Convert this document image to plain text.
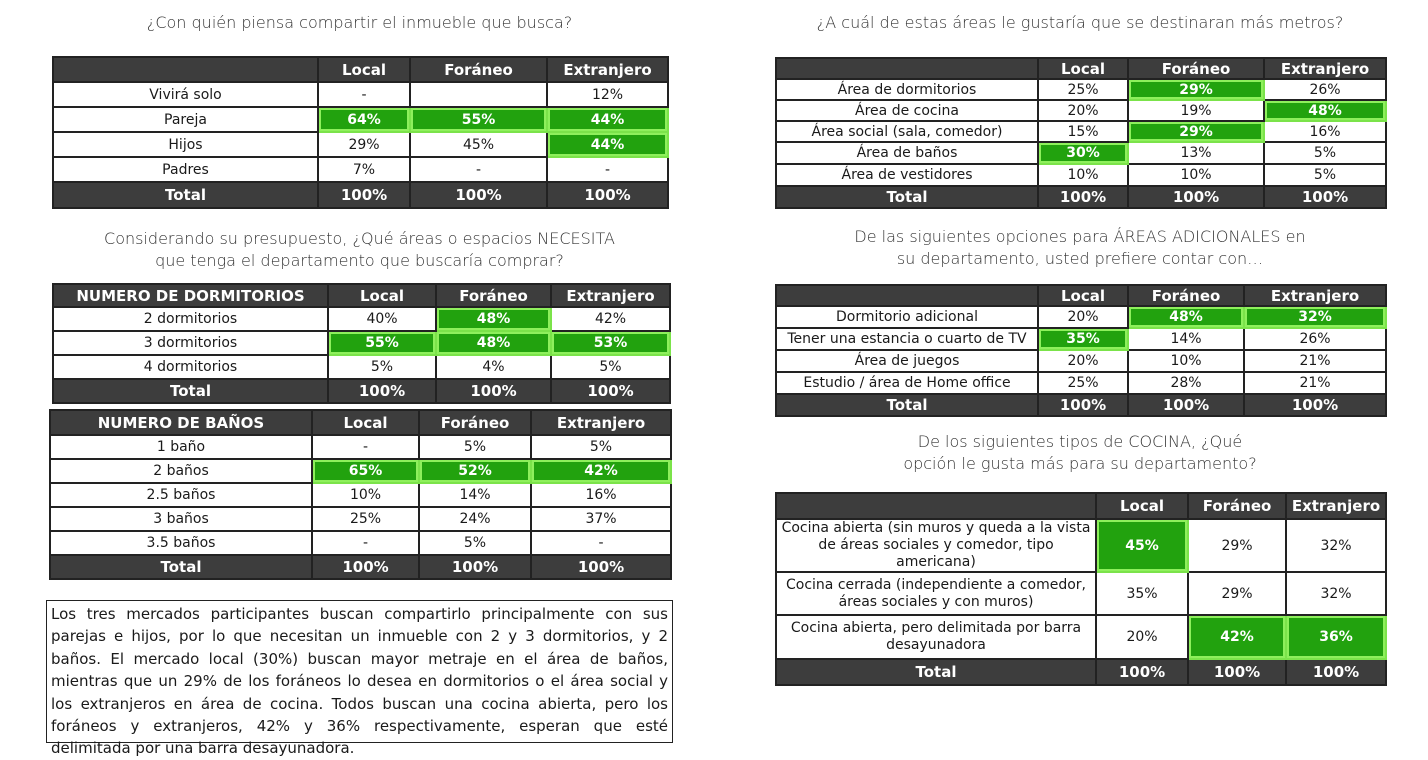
¿Con quién piensa compartir el inmueble que busca?
	Local	Foráneo	Extranjero
Vivirá solo	-		12%
Pareja	64%	55%	44%
Hijos	29%	45%	44%
Padres	7%	-	-
Total	100%	100%	100%
Considerando su presupuesto, ¿Qué áreas o espacios NECESITA
que tenga el departamento que buscaría comprar?
NUMERO DE DORMITORIOS	Local	Foráneo	Extranjero
2 dormitorios	40%	48%	42%
3 dormitorios	55%	48%	53%
4 dormitorios	5%	4%	5%
Total	100%	100%	100%
NUMERO DE BAÑOS	Local	Foráneo	Extranjero
1 baño	-	5%	5%
2 baños	65%	52%	42%
2.5 baños	10%	14%	16%
3 baños	25%	24%	37%
3.5 baños	-	5%	-
Total	100%	100%	100%
Los tres mercados participantes buscan compartirlo principalmente con sus parejas e hijos, por lo que necesitan un inmueble con 2 y 3 dormitorios, y 2 baños. El mercado local (30%) buscan mayor metraje en el área de baños, mientras que un 29% de los foráneos lo desea en dormitorios o el área social y los extranjeros en área de cocina. Todos buscan una cocina abierta, pero los foráneos y extranjeros, 42% y 36% respectivamente, esperan que esté delimitada por una barra desayunadora.
¿A cuál de estas áreas le gustaría que se destinaran más metros?
	Local	Foráneo	Extranjero
Área de dormitorios	25%	29%	26%
Área de cocina	20%	19%	48%
Área social (sala, comedor)	15%	29%	16%
Área de baños	30%	13%	5%
Área de vestidores	10%	10%	5%
Total	100%	100%	100%
De las siguientes opciones para ÁREAS ADICIONALES en
su departamento, usted prefiere contar con…
	Local	Foráneo	Extranjero
Dormitorio adicional	20%	48%	32%
Tener una estancia o cuarto de TV	35%	14%	26%
Área de juegos	20%	10%	21%
Estudio / área de Home office	25%	28%	21%
Total	100%	100%	100%
De los siguientes tipos de COCINA, ¿Qué
opción le gusta más para su departamento?
	Local	Foráneo	Extranjero
Cocina abierta (sin muros y queda a la vista de áreas sociales y comedor, tipo americana)	45%	29%	32%
Cocina cerrada (independiente a comedor, áreas sociales y con muros)	35%	29%	32%
Cocina abierta, pero delimitada por barra desayunadora	20%	42%	36%
Total	100%	100%	100%
